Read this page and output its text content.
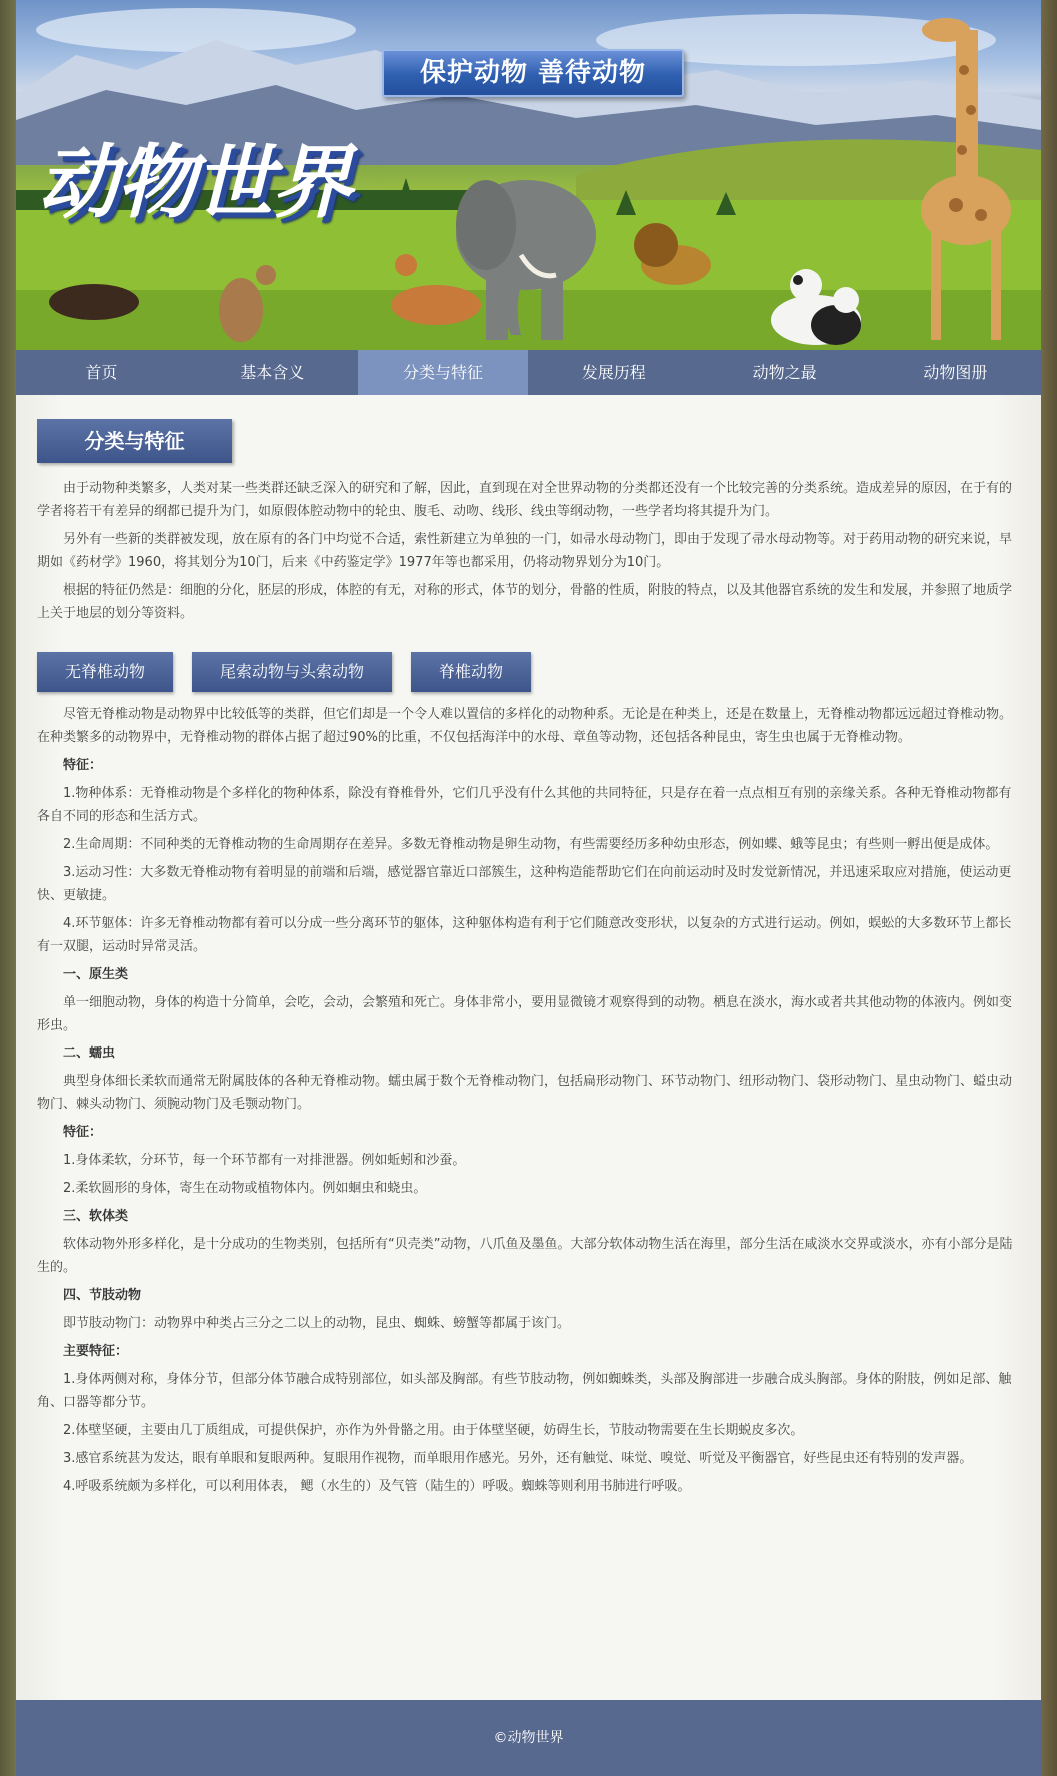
保护动物 善待动物
动物世界
首页	基本含义	分类与特征	发展历程	动物之最	动物图册
分类与特征
由于动物种类繁多，人类对某一些类群还缺乏深入的研究和了解，因此，直到现在对全世界动物的分类都还没有一个比较完善的分类系统。造成差异的原因，在于有的学者将若干有差异的纲都已提升为门，如原假体腔动物中的轮虫、腹毛、动吻、线形、线虫等纲动物，一些学者均将其提升为门。
另外有一些新的类群被发现，放在原有的各门中均觉不合适，索性新建立为单独的一门，如帚水母动物门，即由于发现了帚水母动物等。对于药用动物的研究来说，早期如《药材学》1960，将其划分为10门，后来《中药鉴定学》1977年等也都采用，仍将动物界划分为10门。
根据的特征仍然是：细胞的分化，胚层的形成，体腔的有无，对称的形式，体节的划分，骨骼的性质，附肢的特点，以及其他器官系统的发生和发展，并参照了地质学上关于地层的划分等资料。
无脊椎动物	尾索动物与头索动物	脊椎动物
尽管无脊椎动物是动物界中比较低等的类群，但它们却是一个令人难以置信的多样化的动物种系。无论是在种类上，还是在数量上，无脊椎动物都远远超过脊椎动物。在种类繁多的动物界中，无脊椎动物的群体占据了超过90%的比重，不仅包括海洋中的水母、章鱼等动物，还包括各种昆虫，寄生虫也属于无脊椎动物。
特征：
1.物种体系：无脊椎动物是个多样化的物种体系，除没有脊椎骨外，它们几乎没有什么其他的共同特征，只是存在着一点点相互有别的亲缘关系。各种无脊椎动物都有各自不同的形态和生活方式。
2.生命周期：不同种类的无脊椎动物的生命周期存在差异。多数无脊椎动物是卵生动物，有些需要经历多种幼虫形态，例如蝶、蛾等昆虫；有些则一孵出便是成体。
3.运动习性：大多数无脊椎动物有着明显的前端和后端，感觉器官靠近口部簇生，这种构造能帮助它们在向前运动时及时发觉新情况，并迅速采取应对措施，使运动更快、更敏捷。
4.环节躯体：许多无脊椎动物都有着可以分成一些分离环节的躯体，这种躯体构造有利于它们随意改变形状，以复杂的方式进行运动。例如，蜈蚣的大多数环节上都长有一双腿，运动时异常灵活。
一、原生类
单一细胞动物，身体的构造十分简单，会吃，会动，会繁殖和死亡。身体非常小，要用显微镜才观察得到的动物。栖息在淡水，海水或者共其他动物的体液内。例如变形虫。
二、蠕虫
典型身体细长柔软而通常无附属肢体的各种无脊椎动物。蠕虫属于数个无脊椎动物门，包括扁形动物门、环节动物门、纽形动物门、袋形动物门、星虫动物门、螠虫动物门、棘头动物门、须腕动物门及毛颚动物门。
特征：
1.身体柔软，分环节，每一个环节都有一对排泄器。例如蚯蚓和沙蚕。
2.柔软圆形的身体，寄生在动物或植物体内。例如蛔虫和蛲虫。
三、软体类
软体动物外形多样化，是十分成功的生物类别，包括所有“贝壳类”动物，八爪鱼及墨鱼。大部分软体动物生活在海里，部分生活在咸淡水交界或淡水，亦有小部分是陆生的。
四、节肢动物
即节肢动物门：动物界中种类占三分之二以上的动物，昆虫、蜘蛛、螃蟹等都属于该门。
主要特征：
1.身体两侧对称，身体分节，但部分体节融合成特别部位，如头部及胸部。有些节肢动物，例如蜘蛛类，头部及胸部进一步融合成头胸部。身体的附肢，例如足部、触角、口器等都分节。
2.体壁坚硬，主要由几丁质组成，可提供保护，亦作为外骨骼之用。由于体壁坚硬，妨碍生长，节肢动物需要在生长期蜕皮多次。
3.感官系统甚为发达，眼有单眼和复眼两种。复眼用作视物，而单眼用作感光。另外，还有触觉、味觉、嗅觉、听觉及平衡器官，好些昆虫还有特别的发声器。
4.呼吸系统颇为多样化，可以利用体表， 鳃（水生的）及气管（陆生的）呼吸。蜘蛛等则利用书肺进行呼吸。
©动物世界
